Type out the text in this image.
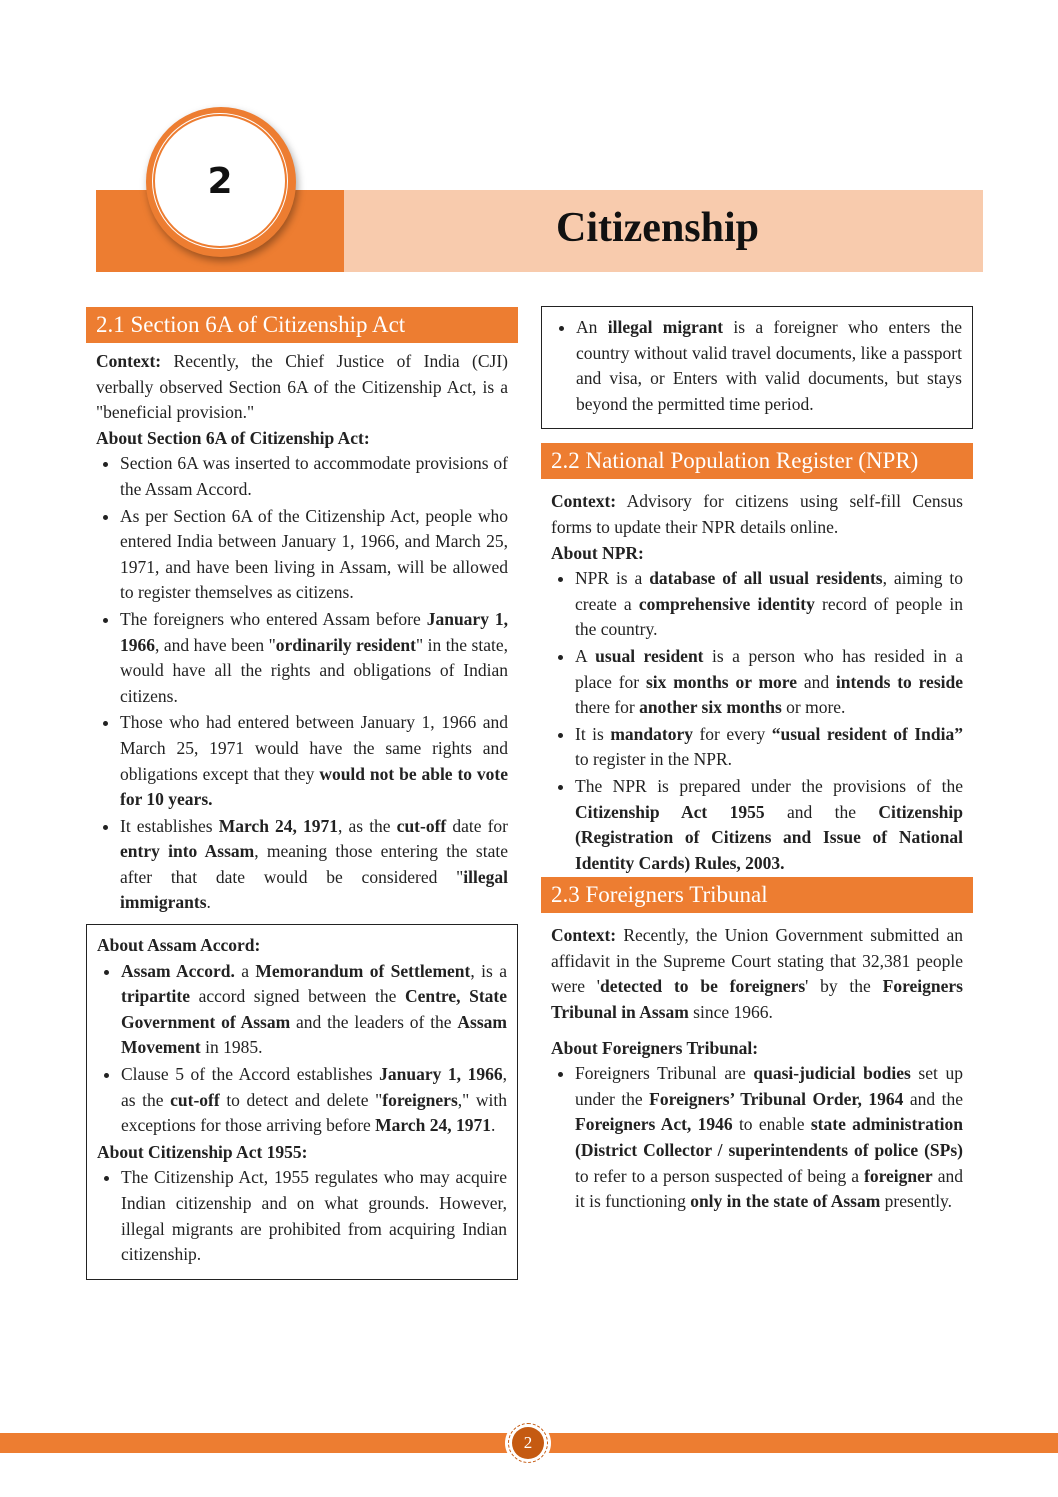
2
Citizenship
2.1 Section 6A of Citizenship Act
Context: Recently, the Chief Justice of India (CJI) verbally observed Section 6A of the Citizenship Act, is a "beneficial provision."
About Section 6A of Citizenship Act:
• Section 6A was inserted to accommodate provisions of the Assam Accord.
• As per Section 6A of the Citizenship Act, people who entered India between January 1, 1966, and March 25, 1971, and have been living in Assam, will be allowed to register themselves as citizens.
• The foreigners who entered Assam before January 1, 1966, and have been "ordinarily resident" in the state, would have all the rights and obligations of Indian citizens.
• Those who had entered between January 1, 1966 and March 25, 1971 would have the same rights and obligations except that they would not be able to vote for 10 years.
• It establishes March 24, 1971, as the cut-off date for entry into Assam, meaning those entering the state after that date would be considered "illegal immigrants.
About Assam Accord:
• Assam Accord. a Memorandum of Settlement, is a tripartite accord signed between the Centre, State Government of Assam and the leaders of the Assam Movement in 1985.
• Clause 5 of the Accord establishes January 1, 1966, as the cut-off to detect and delete "foreigners," with exceptions for those arriving before March 24, 1971.
About Citizenship Act 1955:
• The Citizenship Act, 1955 regulates who may acquire Indian citizenship and on what grounds. However, illegal migrants are prohibited from acquiring Indian citizenship.
• An illegal migrant is a foreigner who enters the country without valid travel documents, like a passport and visa, or Enters with valid documents, but stays beyond the permitted time period.
2.2 National Population Register (NPR)
Context: Advisory for citizens using self-fill Census forms to update their NPR details online.
About NPR:
• NPR is a database of all usual residents, aiming to create a comprehensive identity record of people in the country.
• A usual resident is a person who has resided in a place for six months or more and intends to reside there for another six months or more.
• It is mandatory for every “usual resident of India” to register in the NPR.
• The NPR is prepared under the provisions of the Citizenship Act 1955 and the Citizenship (Registration of Citizens and Issue of National Identity Cards) Rules, 2003.
2.3 Foreigners Tribunal
Context: Recently, the Union Government submitted an affidavit in the Supreme Court stating that 32,381 people were 'detected to be foreigners' by the Foreigners Tribunal in Assam since 1966.
About Foreigners Tribunal:
• Foreigners Tribunal are quasi-judicial bodies set up under the Foreigners’ Tribunal Order, 1964 and the Foreigners Act, 1946 to enable state administration (District Collector / superintendents of police (SPs) to refer to a person suspected of being a foreigner and it is functioning only in the state of Assam presently.
2
